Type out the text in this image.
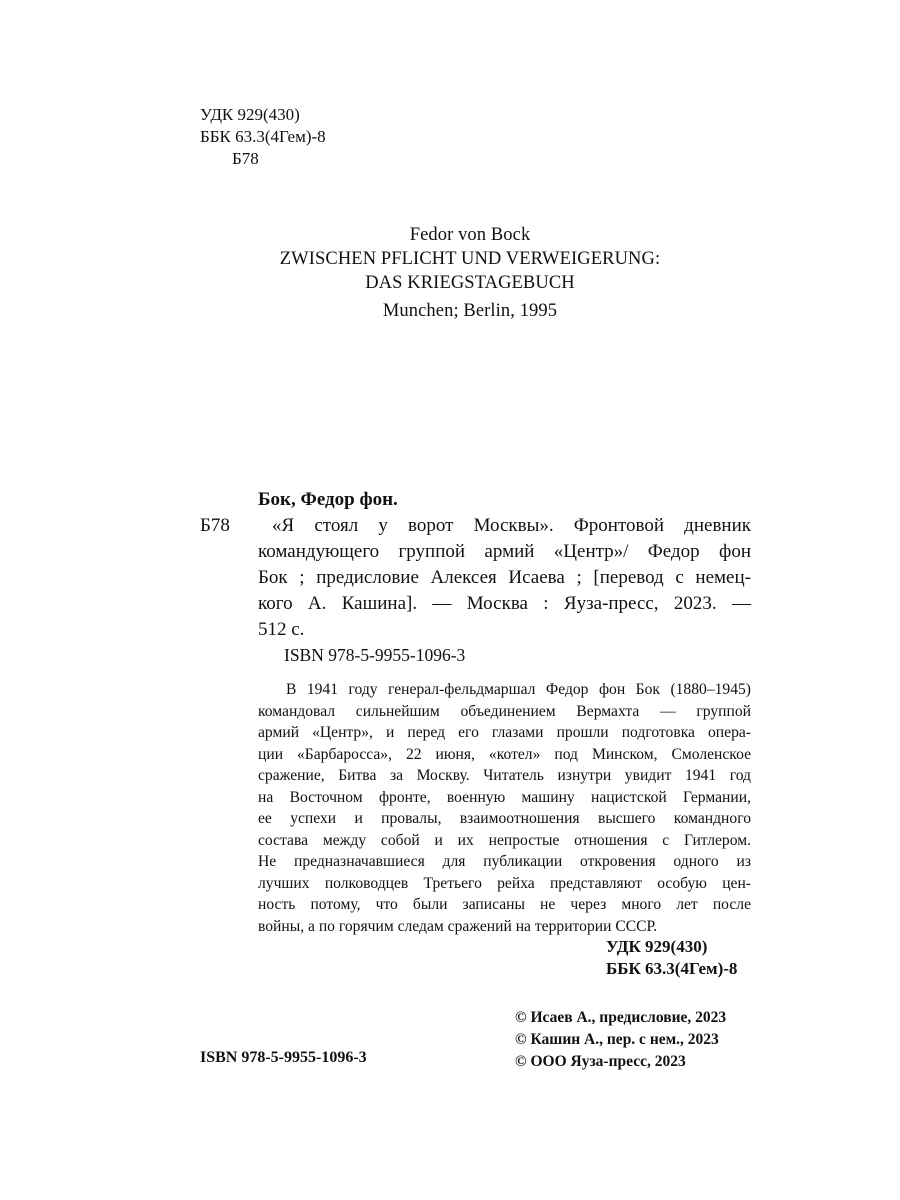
УДК 929(430)
ББК 63.3(4Гем)-8
Б78
Fedor von Bock
ZWISCHEN PFLICHT UND VERWEIGERUNG:
DAS KRIEGSTAGEBUCH
Munchen; Berlin, 1995
Бок, Федор фон.
Б78	«Я стоял у ворот Москвы». Фронтовой дневник
командующего группой армий «Центр»/ Федор фон
Бок ; предисловие Алексея Исаева ; [перевод с немец-
кого А. Кашина]. — Москва : Яуза-пресс, 2023. —
512 с.
ISBN 978-5-9955-1096-3
В 1941 году генерал-фельдмаршал Федор фон Бок (1880–1945)
командовал сильнейшим объединением Вермахта — группой
армий «Центр», и перед его глазами прошли подготовка опера-
ции «Барбаросса», 22 июня, «котел» под Минском, Смоленское
сражение, Битва за Москву. Читатель изнутри увидит 1941 год
на Восточном фронте, военную машину нацистской Германии,
ее успехи и провалы, взаимоотношения высшего командного
состава между собой и их непростые отношения с Гитлером.
Не предназначавшиеся для публикации откровения одного из
лучших полководцев Третьего рейха представляют особую цен-
ность потому, что были записаны не через много лет после
войны, а по горячим следам сражений на территории СССР.
УДК 929(430)
ББК 63.3(4Гем)-8
© Исаев А., предисловие, 2023
© Кашин А., пер. с нем., 2023
© ООО Яуза-пресс, 2023
ISBN 978-5-9955-1096-3
